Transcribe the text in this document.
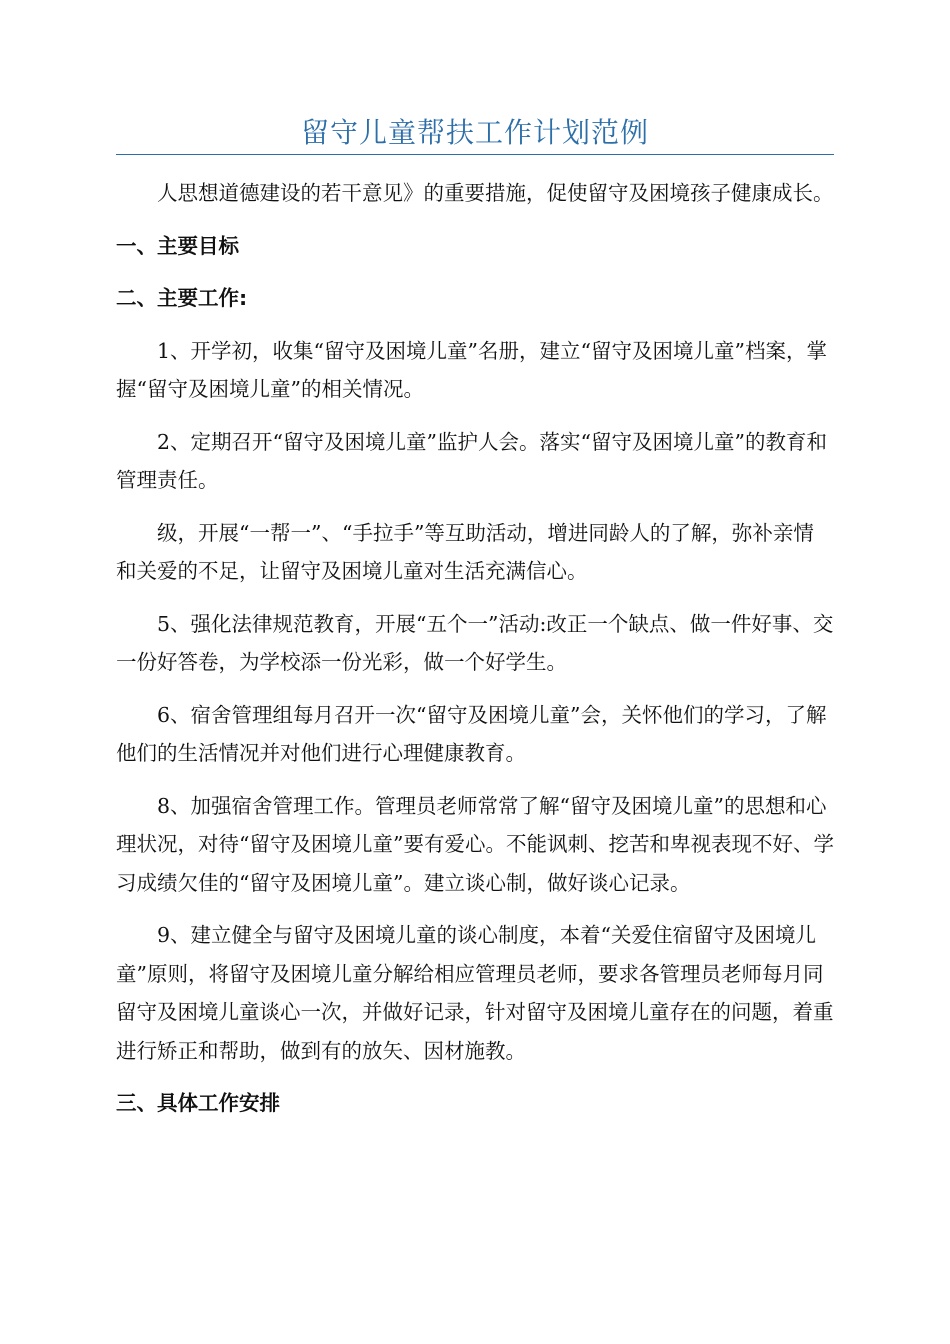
留守儿童帮扶工作计划范例

人思想道德建设的若干意见》的重要措施，促使留守及困境孩子健康成长。

一、主要目标
二、主要工作:

1、开学初，收集“留守及困境儿童”名册，建立“留守及困境儿童”档案，掌握“留守及困境儿童”的相关情况。

2、定期召开“留守及困境儿童”监护人会。落实“留守及困境儿童”的教育和管理责任。

级，开展“一帮一”、“手拉手”等互助活动，增进同龄人的了解，弥补亲情和关爱的不足，让留守及困境儿童对生活充满信心。

5、强化法律规范教育，开展“五个一”活动:改正一个缺点、做一件好事、交一份好答卷，为学校添一份光彩，做一个好学生。

6、宿舍管理组每月召开一次“留守及困境儿童”会，关怀他们的学习，了解他们的生活情况并对他们进行心理健康教育。

8、加强宿舍管理工作。管理员老师常常了解“留守及困境儿童”的思想和心理状况，对待“留守及困境儿童”要有爱心。不能讽刺、挖苦和卑视表现不好、学习成绩欠佳的“留守及困境儿童”。建立谈心制，做好谈心记录。

9、建立健全与留守及困境儿童的谈心制度，本着“关爱住宿留守及困境儿童”原则，将留守及困境儿童分解给相应管理员老师，要求各管理员老师每月同留守及困境儿童谈心一次，并做好记录，针对留守及困境儿童存在的问题，着重进行矫正和帮助，做到有的放矢、因材施教。

三、具体工作安排
